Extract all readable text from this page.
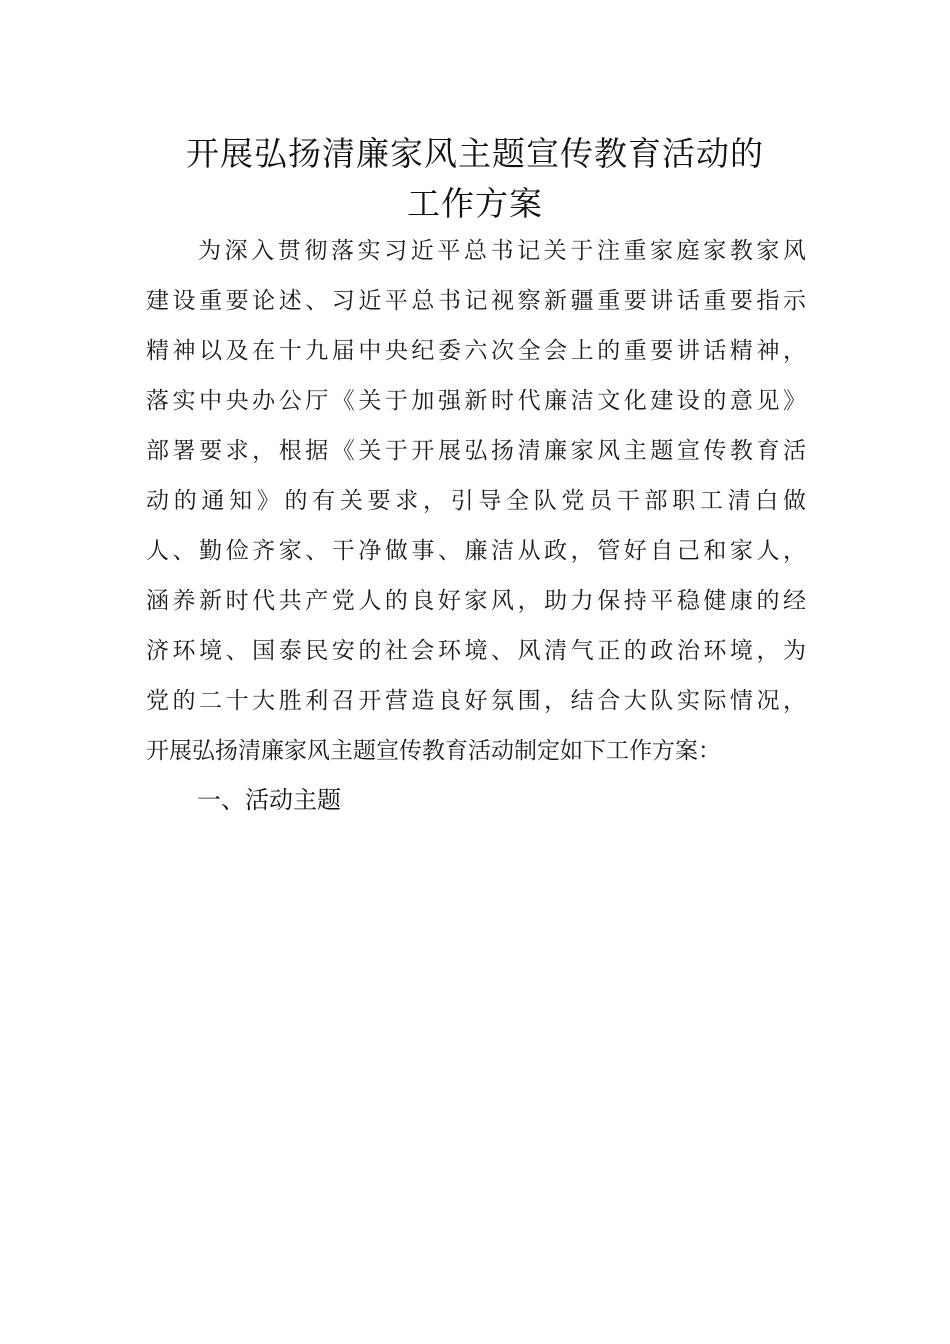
开展弘扬清廉家风主题宣传教育活动的
工作方案
为深入贯彻落实习近平总书记关于注重家庭家教家风
建设重要论述、习近平总书记视察新疆重要讲话重要指示
精神以及在十九届中央纪委六次全会上的重要讲话精神，
落实中央办公厅《关于加强新时代廉洁文化建设的意见》
部署要求，根据《关于开展弘扬清廉家风主题宣传教育活
动的通知》的有关要求，引导全队党员干部职工清白做
人、勤俭齐家、干净做事、廉洁从政，管好自己和家人，
涵养新时代共产党人的良好家风，助力保持平稳健康的经
济环境、国泰民安的社会环境、风清气正的政治环境，为
党的二十大胜利召开营造良好氛围，结合大队实际情况，
开展弘扬清廉家风主题宣传教育活动制定如下工作方案：
一、活动主题
